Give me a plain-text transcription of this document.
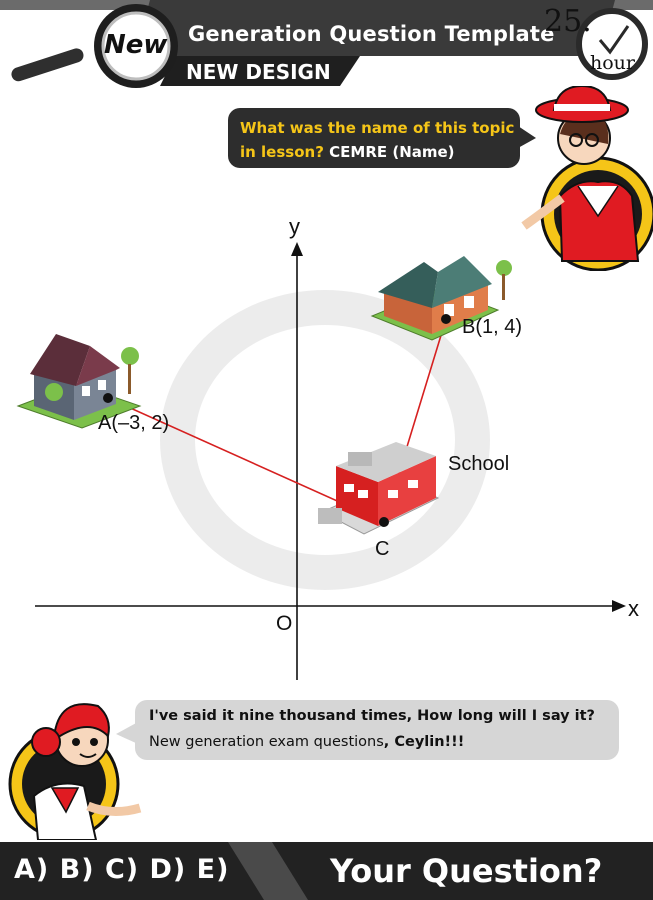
New Generation Question Template
NEW DESIGN
25.
hour
What was the name of this topic in lesson? CEMRE (Name)
y
x
O
A(–3, 2)
B(1, 4)
C
School
I've said it nine thousand times, How long will I say it?
New generation exam questions, Ceylin!!!
A) B) C) D) E)	Your Question?
